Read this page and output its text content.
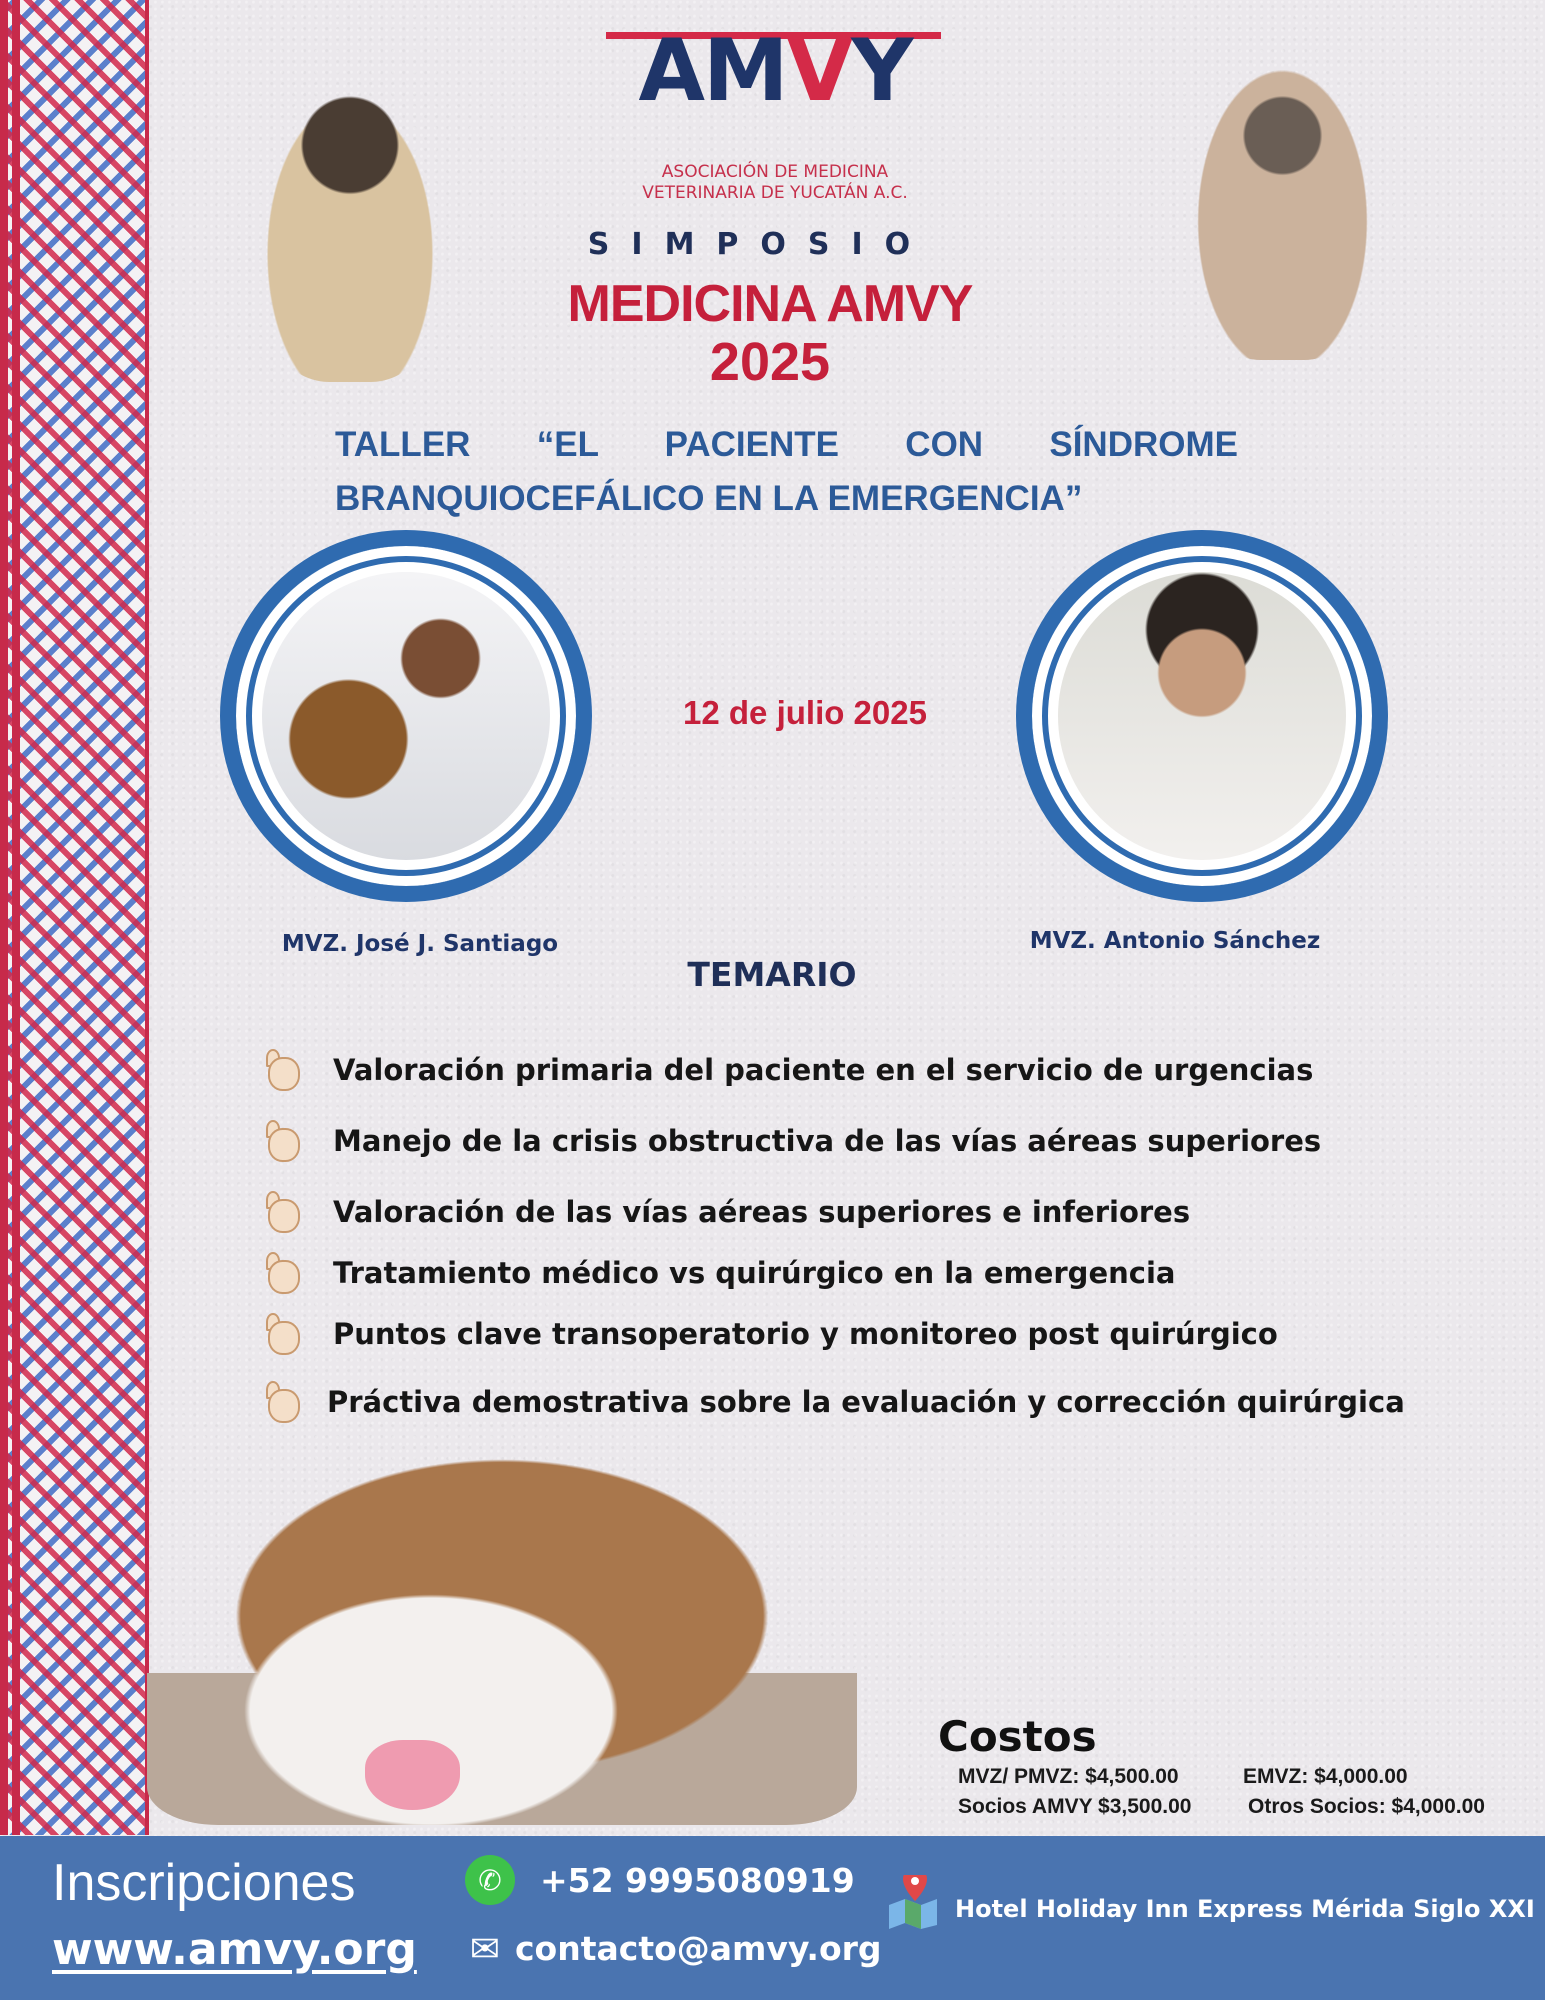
AMVY
ASOCIACIÓN DE MEDICINA
VETERINARIA DE YUCATÁN A.C.
SIMPOSIO
MEDICINA AMVY
2025
TALLER “EL PACIENTE CON SÍNDROME BRANQUIOCEFÁLICO EN LA EMERGENCIA”
12 de julio 2025
MVZ. José J. Santiago	MVZ. Antonio Sánchez
TEMARIO
Valoración primaria del paciente en el servicio de urgencias
Manejo de la crisis obstructiva de las vías aéreas superiores
Valoración de las vías aéreas superiores e inferiores
Tratamiento médico vs quirúrgico en la emergencia
Puntos clave transoperatorio y monitoreo post quirúrgico
Práctiva demostrativa sobre la evaluación y corrección quirúrgica
Costos
MVZ/ PMVZ: $4,500.00	EMVZ: $4,000.00
Socios AMVY $3,500.00	Otros Socios: $4,000.00
Inscripciones
www.amvy.org
✆	+52 9995080919
✉ contacto@amvy.org
Hotel Holiday Inn Express Mérida Siglo XXI
